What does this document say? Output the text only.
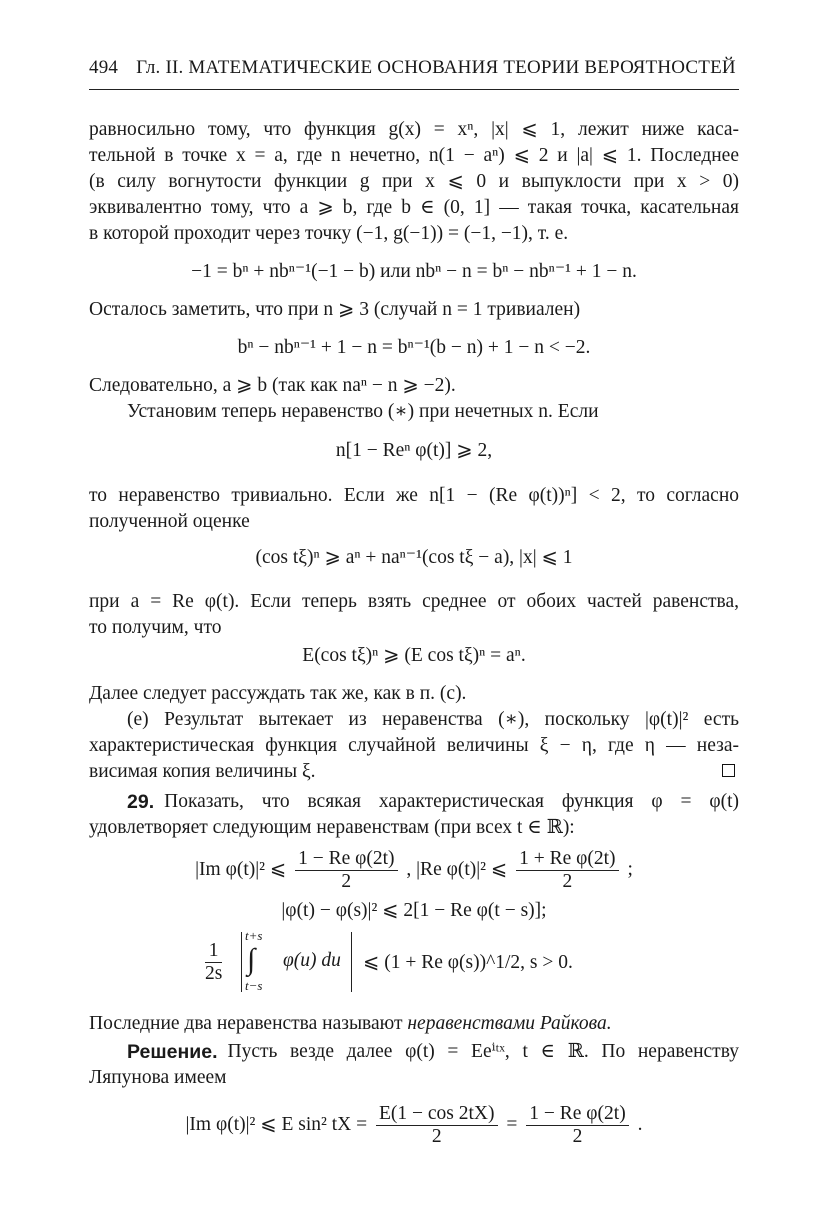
494 Гл. II. МАТЕМАТИЧЕСКИЕ ОСНОВАНИЯ ТЕОРИИ ВЕРОЯТНОСТЕЙ
равносильно тому, что функция g(x) = xⁿ, |x| ⩽ 1, лежит ниже каса-
тельной в точке x = a, где n нечетно, n(1 − aⁿ) ⩽ 2 и |a| ⩽ 1. Последнее
(в силу вогнутости функции g при x ⩽ 0 и выпуклости при x > 0)
эквивалентно тому, что a ⩾ b, где b ∈ (0, 1] — такая точка, касательная
в которой проходит через точку (−1, g(−1)) = (−1, −1), т. е.
−1 = bⁿ + nbⁿ⁻¹(−1 − b) или nbⁿ − n = bⁿ − nbⁿ⁻¹ + 1 − n.
Осталось заметить, что при n ⩾ 3 (случай n = 1 тривиален)
bⁿ − nbⁿ⁻¹ + 1 − n = bⁿ⁻¹(b − n) + 1 − n < −2.
Следовательно, a ⩾ b (так как naⁿ − n ⩾ −2).
Установим теперь неравенство (∗) при нечетных n. Если
n[1 − Reⁿ φ(t)] ⩾ 2,
то неравенство тривиально. Если же n[1 − (Re φ(t))ⁿ] < 2, то согласно
полученной оценке
(cos tξ)ⁿ ⩾ aⁿ + naⁿ⁻¹(cos tξ − a), |x| ⩽ 1
при a = Re φ(t). Если теперь взять среднее от обоих частей равенства,
то получим, что
E(cos tξ)ⁿ ⩾ (E cos tξ)ⁿ = aⁿ.
Далее следует рассуждать так же, как в п. (c).
(e) Результат вытекает из неравенства (∗), поскольку |φ(t)|² есть
характеристическая функция случайной величины ξ − η, где η — неза-
висимая копия величины ξ.
29. Показать, что всякая характеристическая функция φ = φ(t)
удовлетворяет следующим неравенствам (при всех t ∈ ℝ):
|Im φ(t)|² ⩽ $\frac{\text{1 − Re φ(2t)}}{2}$ , |Re φ(t)|² ⩽ $\frac{\text{1 + Re φ(2t)}}{2}$ ;
|φ(t) − φ(s)|² ⩽ 2[1 − Re φ(t − s)];
$\frac{1}{2s}$
t+s
∫
t−s
φ(u) du ⩽ (1 + Re φ(s))^1/2, s > 0.
Последние два неравенства называют неравенствами Райкова.
Решение. Пусть везде далее φ(t) = Eeⁱᵗˣ, t ∈ ℝ. По неравенству
Ляпунова имеем
|Im φ(t)|² ⩽ E sin² tX = $\frac{E(1 - \cos 2tX)}{2} = \frac{\text{1 − Re φ(2t)}}{2}$ .
